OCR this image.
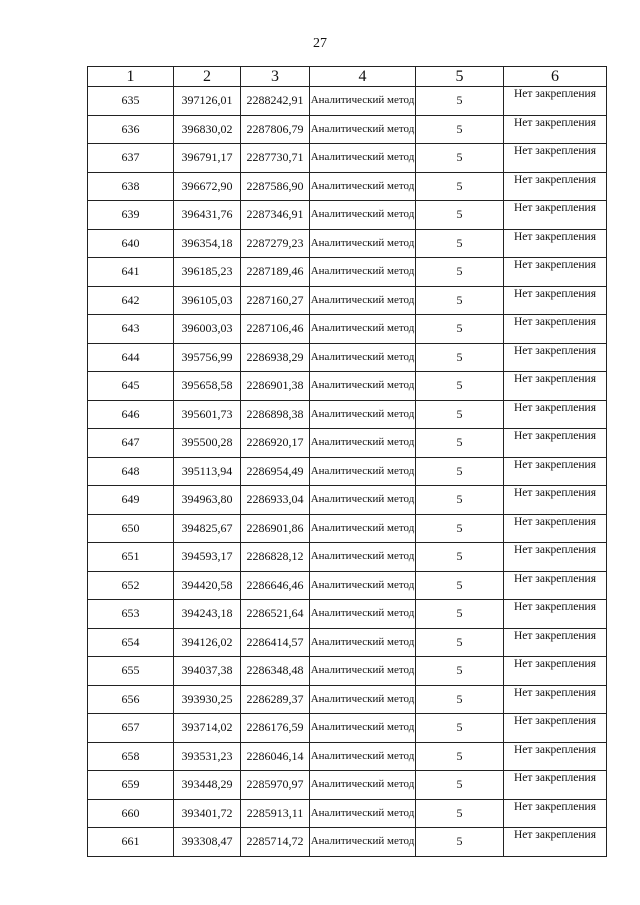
27
1	2	3	4	5	6
635	397126,01	2288242,91	Аналитический метод	5	Нет закрепления
636	396830,02	2287806,79	Аналитический метод	5	Нет закрепления
637	396791,17	2287730,71	Аналитический метод	5	Нет закрепления
638	396672,90	2287586,90	Аналитический метод	5	Нет закрепления
639	396431,76	2287346,91	Аналитический метод	5	Нет закрепления
640	396354,18	2287279,23	Аналитический метод	5	Нет закрепления
641	396185,23	2287189,46	Аналитический метод	5	Нет закрепления
642	396105,03	2287160,27	Аналитический метод	5	Нет закрепления
643	396003,03	2287106,46	Аналитический метод	5	Нет закрепления
644	395756,99	2286938,29	Аналитический метод	5	Нет закрепления
645	395658,58	2286901,38	Аналитический метод	5	Нет закрепления
646	395601,73	2286898,38	Аналитический метод	5	Нет закрепления
647	395500,28	2286920,17	Аналитический метод	5	Нет закрепления
648	395113,94	2286954,49	Аналитический метод	5	Нет закрепления
649	394963,80	2286933,04	Аналитический метод	5	Нет закрепления
650	394825,67	2286901,86	Аналитический метод	5	Нет закрепления
651	394593,17	2286828,12	Аналитический метод	5	Нет закрепления
652	394420,58	2286646,46	Аналитический метод	5	Нет закрепления
653	394243,18	2286521,64	Аналитический метод	5	Нет закрепления
654	394126,02	2286414,57	Аналитический метод	5	Нет закрепления
655	394037,38	2286348,48	Аналитический метод	5	Нет закрепления
656	393930,25	2286289,37	Аналитический метод	5	Нет закрепления
657	393714,02	2286176,59	Аналитический метод	5	Нет закрепления
658	393531,23	2286046,14	Аналитический метод	5	Нет закрепления
659	393448,29	2285970,97	Аналитический метод	5	Нет закрепления
660	393401,72	2285913,11	Аналитический метод	5	Нет закрепления
661	393308,47	2285714,72	Аналитический метод	5	Нет закрепления
